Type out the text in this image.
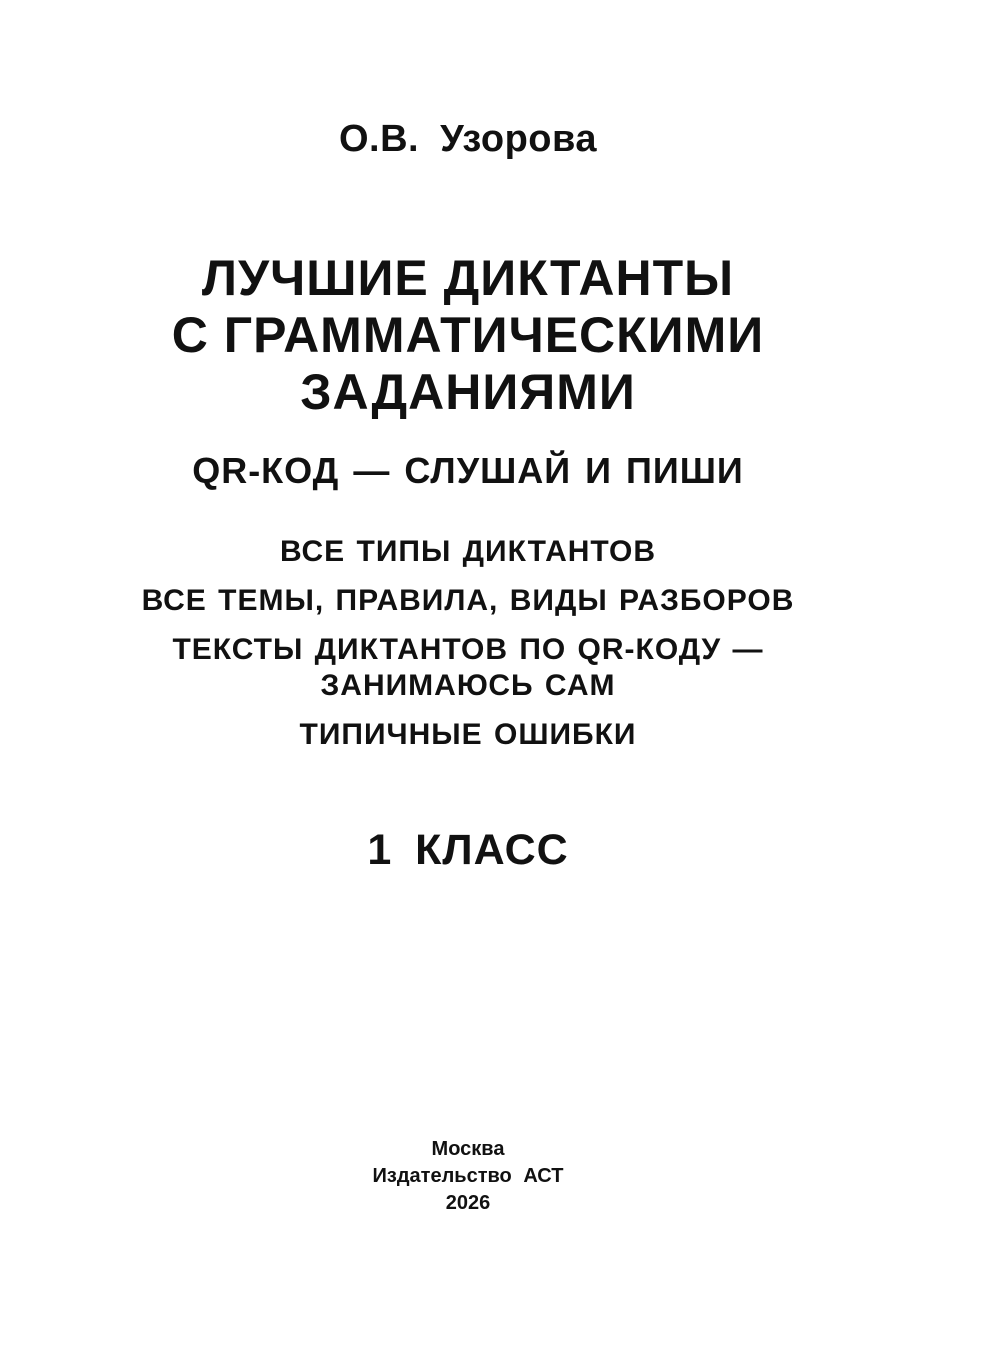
О.В. Узорова
ЛУЧШИЕ ДИКТАНТЫ
С ГРАММАТИЧЕСКИМИ
ЗАДАНИЯМИ
QR-КОД — СЛУШАЙ И ПИШИ
ВСЕ ТИПЫ ДИКТАНТОВ
ВСЕ ТЕМЫ, ПРАВИЛА, ВИДЫ РАЗБОРОВ
ТЕКСТЫ ДИКТАНТОВ ПО QR-КОДУ —
ЗАНИМАЮСЬ САМ
ТИПИЧНЫЕ ОШИБКИ
1 КЛАСС
Москва
Издательство АСТ
2026
